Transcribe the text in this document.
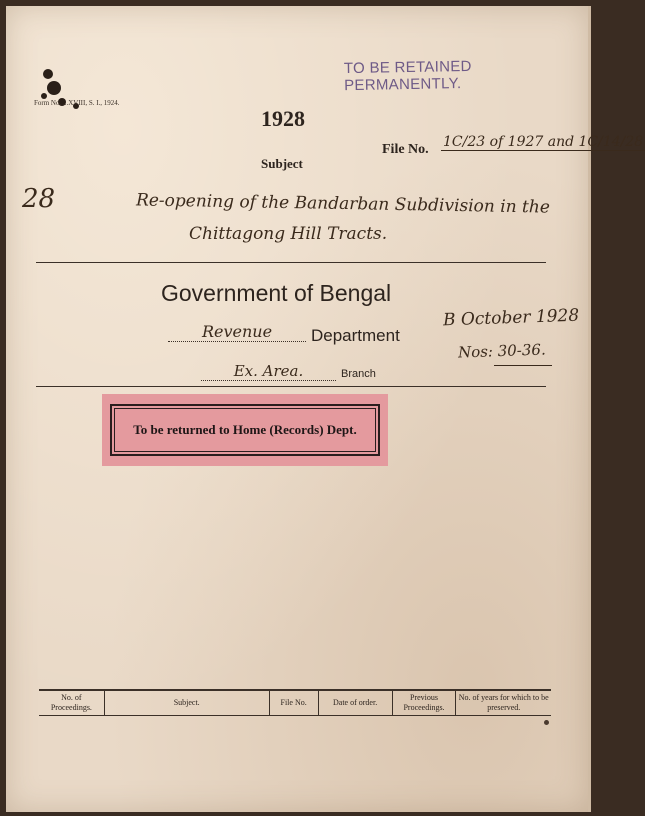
TO BE RETAINED PERMANENTLY.
Form No. ...XVIII, S. I., 1924.
1928
File No. 1C/23 of 1927 and 1C/14/28
Subject
28	Re-opening of the Bandarban Subdivision in the
Chittagong Hill Tracts.
Government of Bengal
Revenue	Department
Ex. Area.	Branch
B October 1928
Nos: 30-36.
To be returned to Home (Records) Dept.
No. of Proceedings.	Subject.	File No.	Date of order.	Previous Proceedings.	No. of years for which to be preserved.
